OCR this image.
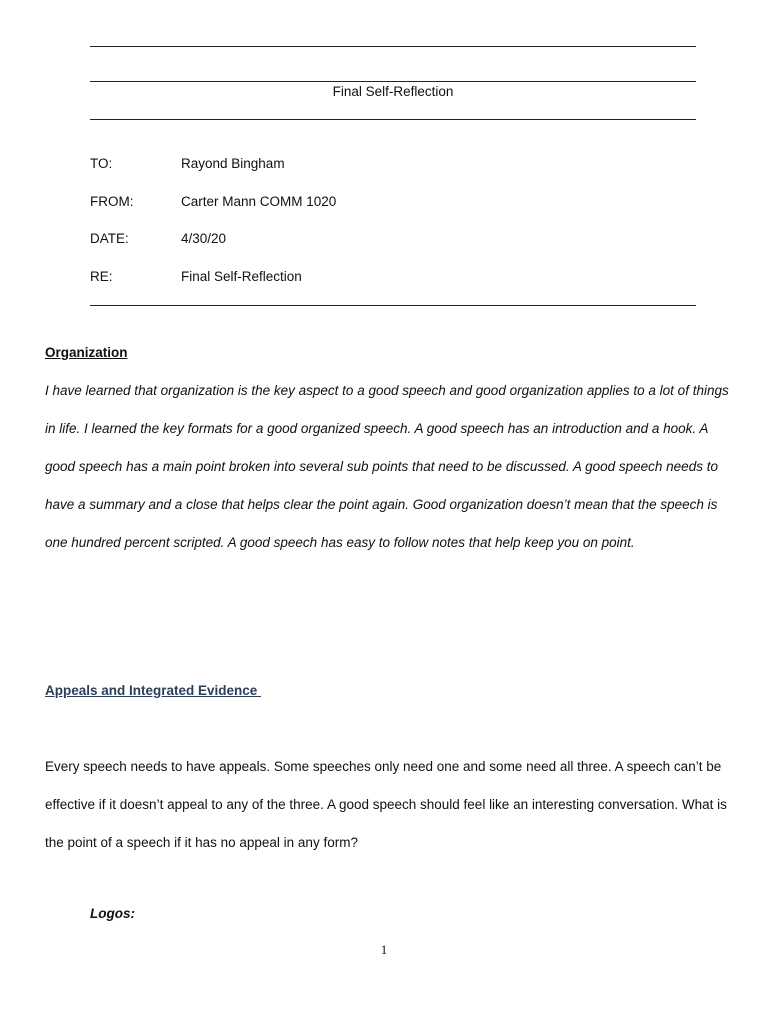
Final Self-Reflection
TO:	Rayond Bingham
FROM:	Carter Mann COMM 1020
DATE:	4/30/20
RE:	Final Self-Reflection
Organization
I have learned that organization is the key aspect to a good speech and good organization applies to a lot of things in life. I learned the key formats for a good organized speech. A good speech has an introduction and a hook. A good speech has a main point broken into several sub points that need to be discussed. A good speech needs to have a summary and a close that helps clear the point again. Good organization doesn’t mean that the speech is one hundred percent scripted. A good speech has easy to follow notes that help keep you on point.
Appeals and Integrated Evidence
Every speech needs to have appeals. Some speeches only need one and some need all three. A speech can’t be effective if it doesn’t appeal to any of the three. A good speech should feel like an interesting conversation. What is the point of a speech if it has no appeal in any form?
Logos:
1
